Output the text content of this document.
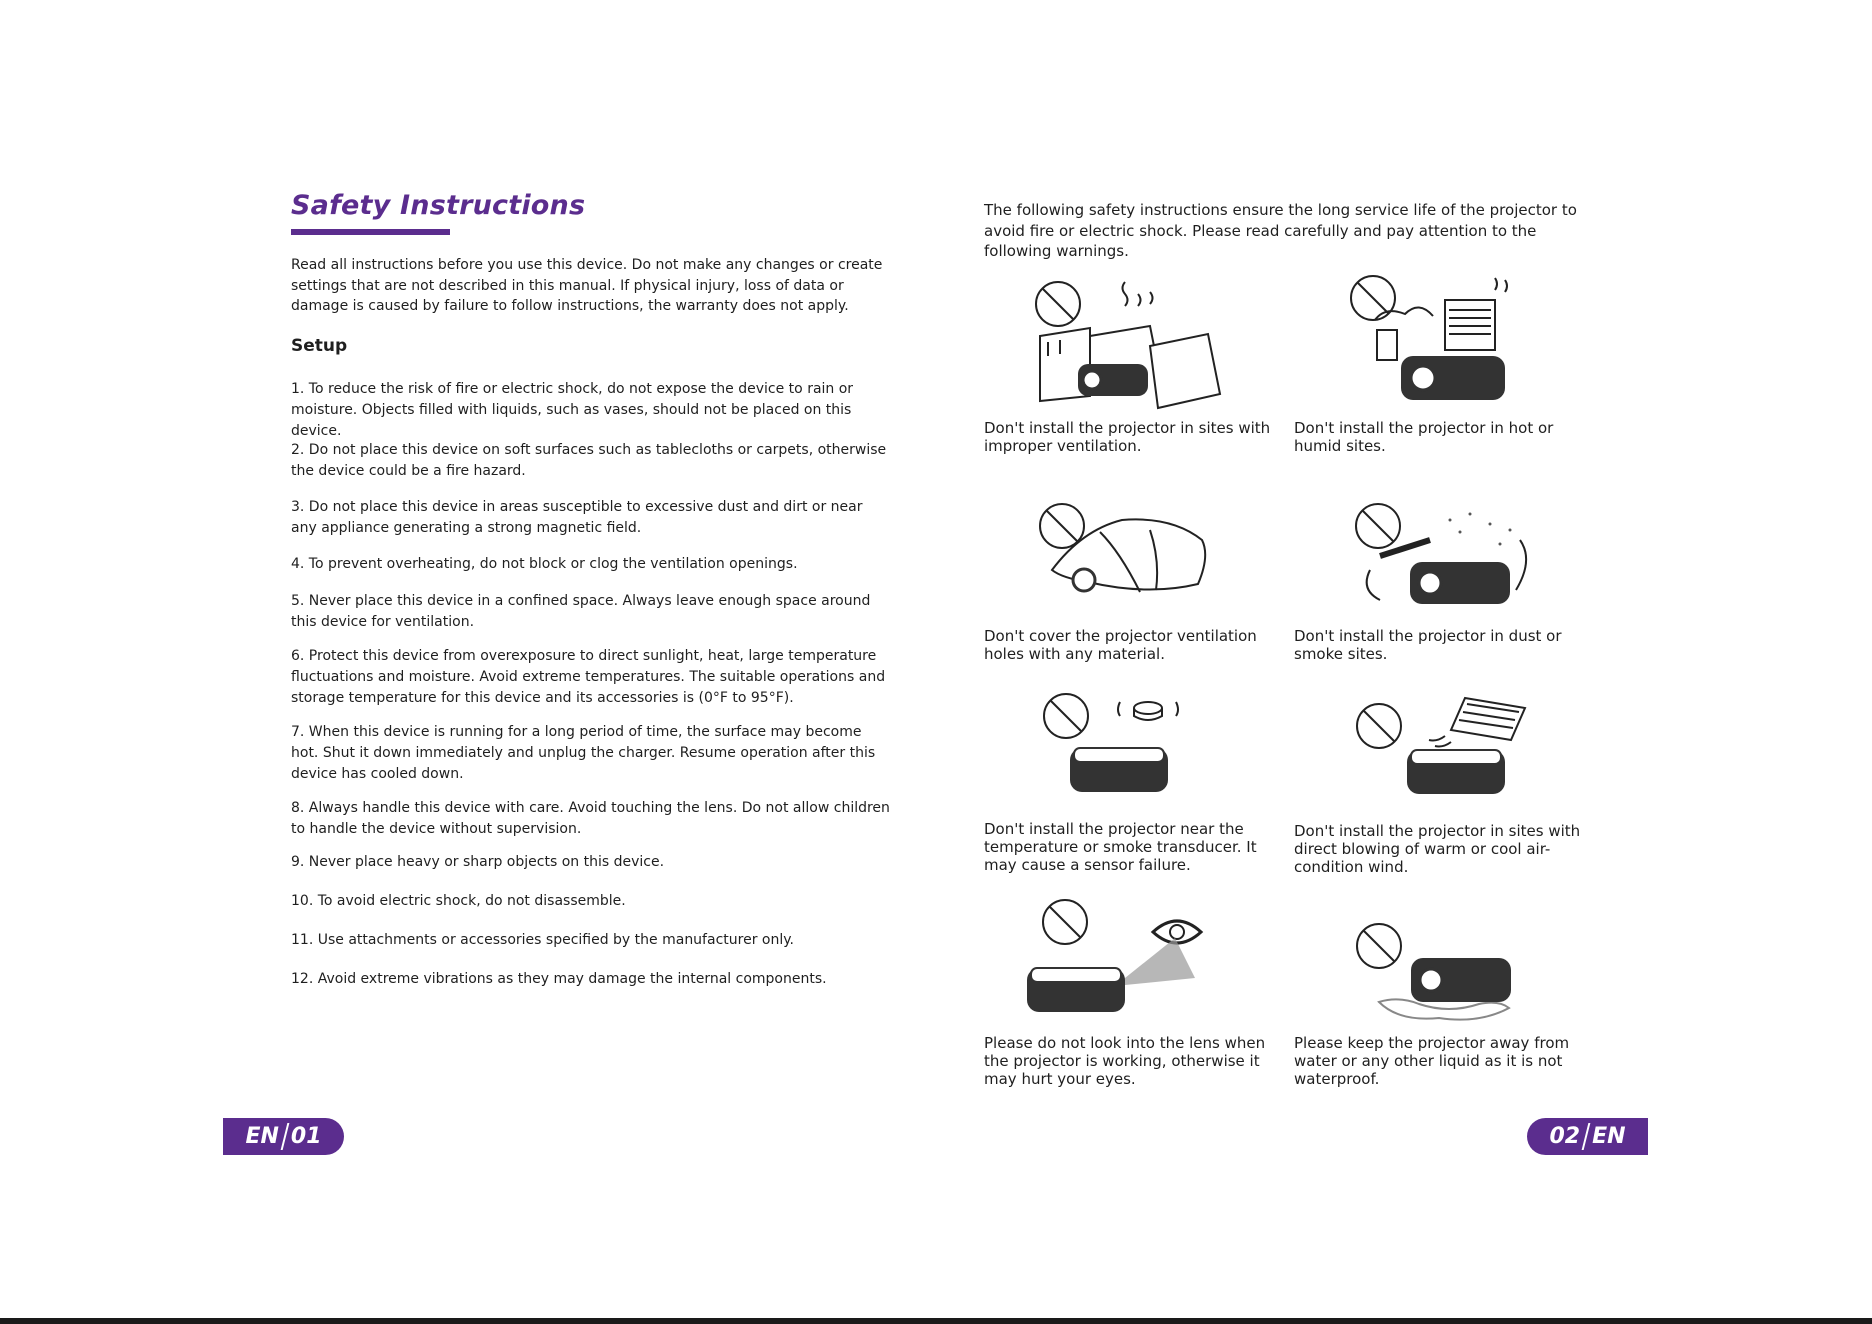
Safety Instructions

Read all instructions before you use this device. Do not make any changes or create settings that are not described in this manual. If physical injury, loss of data or damage is caused by failure to follow instructions, the warranty does not apply.

Setup

1. To reduce the risk of fire or electric shock, do not expose the device to rain or moisture. Objects filled with liquids, such as vases, should not be placed on this device.

2. Do not place this device on soft surfaces such as tablecloths or carpets, otherwise the device could be a fire hazard.

3. Do not place this device in areas susceptible to excessive dust and dirt or near any appliance generating a strong magnetic field.

4. To prevent overheating, do not block or clog the ventilation openings.

5. Never place this device in a confined space. Always leave enough space around this device for ventilation.

6. Protect this device from overexposure to direct sunlight, heat, large temperature fluctuations and moisture. Avoid extreme temperatures. The suitable operations and storage temperature for this device and its accessories is (0°F to 95°F).

7. When this device is running for a long period of time, the surface may become hot. Shut it down immediately and unplug the charger. Resume operation after this device has cooled down.

8. Always handle this device with care. Avoid touching the lens. Do not allow children to handle the device without supervision.

9. Never place heavy or sharp objects on this device.

10. To avoid electric shock, do not disassemble.

11. Use attachments or accessories specified by the manufacturer only.

12. Avoid extreme vibrations as they may damage the internal components.

EN 01

The following safety instructions ensure the long service life of the projector to avoid fire or electric shock. Please read carefully and pay attention to the following warnings.

Don't install the projector in sites with improper ventilation.

Don't install the projector in hot or humid sites.

Don't cover the projector ventilation holes with any material.

Don't install the projector in dust or smoke sites.

Don't install the projector near the temperature or smoke transducer. It may cause a sensor failure.

Don't install the projector in sites with direct blowing of warm or cool air-condition wind.

Please do not look into the lens when the projector is working, otherwise it may hurt your eyes.

Please keep the projector away from water or any other liquid as it is not waterproof.

02 EN
